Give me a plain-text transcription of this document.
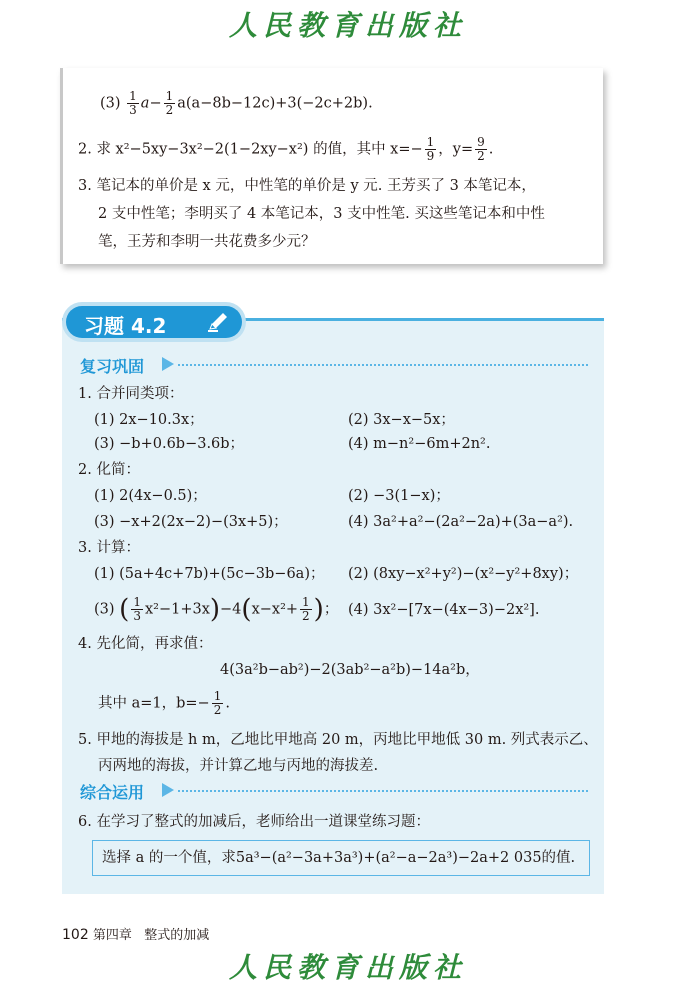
人民教育出版社
$(3) \frac{1}{3} a- \frac{1}{2} a(a-8b-12c)+3(-2c+2b)$.
2. 求 x²−5xy−3x²−2(1−2xy−x²) 的值，其中 $x=- \frac{1}{9}$ ，$y= \frac{9}{2}$ .
3. 笔记本的单价是 x 元，中性笔的单价是 y 元. 王芳买了 3 本笔记本，
2 支中性笔；李明买了 4 本笔记本，3 支中性笔. 买这些笔记本和中性
笔，王芳和李明一共花费多少元？
习题 4.2
复习巩固
1. 合并同类项：
(1) 2x−10.3x；	(2) 3x−x−5x；
(3) −b+0.6b−3.6b；	(4) m−n²−6m+2n².
2. 化简：
(1) 2(4x−0.5)；	(2) −3(1−x)；
(3) −x+2(2x−2)−(3x+5)；	(4) 3a²+a²−(2a²−2a)+(3a−a²).
3. 计算：
(1) (5a+4c+7b)+(5c−3b−6a)； (2) (8xy−x²+y²)−(x²−y²+8xy)；
(3) ( $\frac{1}{3} x^2-1+3x)-4(x-x^2+ \frac{1}{2}$ )； (4) 3x²−[7x−(4x−3)−2x²].
4. 先化简，再求值：
4(3a²b−ab²)−2(3ab²−a²b)−14a²b，
其中 a=1，$b=- \frac{1}{2}$ .
5. 甲地的海拔是 h m，乙地比甲地高 20 m，丙地比甲地低 30 m. 列式表示乙、
丙两地的海拔，并计算乙地与丙地的海拔差.
综合运用
6. 在学习了整式的加减后，老师给出一道课堂练习题：
选择 a 的一个值，求5a³−(a²−3a+3a³)+(a²−a−2a³)−2a+2 035的值.
102 第四章 整式的加减
人民教育出版社
